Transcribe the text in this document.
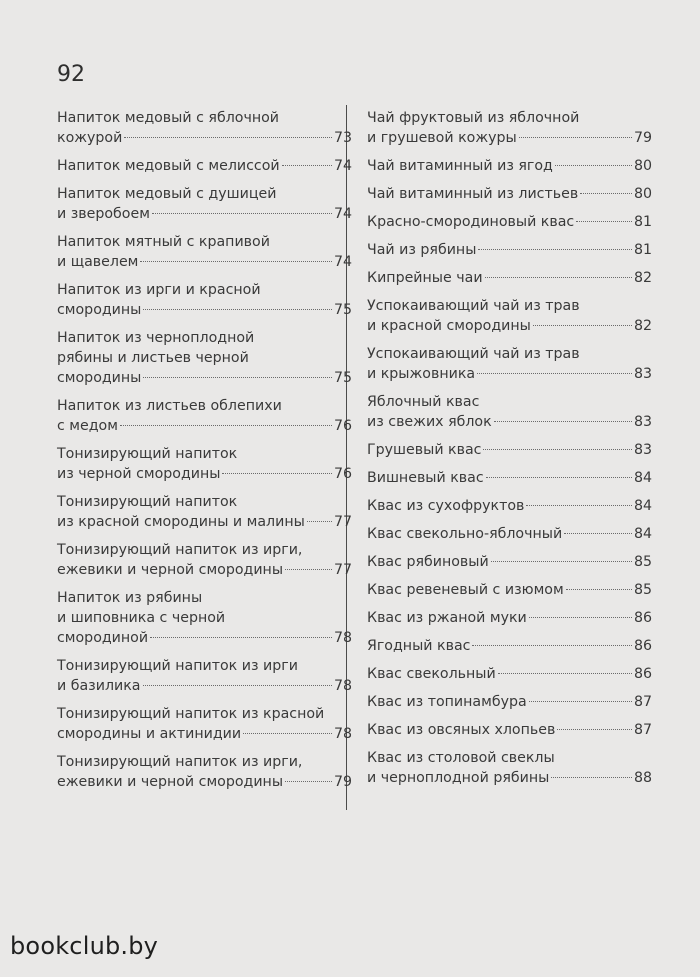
92
Напиток медовый с яблочной
кожурой	73
Напиток медовый с мелиссой	74
Напиток медовый с душицей
и зверобоем	74
Напиток мятный с крапивой
и щавелем	74
Напиток из ирги и красной
смородины	75
Напиток из черноплодной
рябины и листьев черной
смородины	75
Напиток из листьев облепихи
с медом	76
Тонизирующий напиток
из черной смородины	76
Тонизирующий напиток
из красной смородины и малины 77
Тонизирующий напиток из ирги,
ежевики и черной смородины	77
Напиток из рябины
и шиповника с черной
смородиной	78
Тонизирующий напиток из ирги
и базилика	78
Тонизирующий напиток из красной
смородины и актинидии	78
Тонизирующий напиток из ирги,
ежевики и черной смородины	79
Чай фруктовый из яблочной
и грушевой кожуры	79
Чай витаминный из ягод	80
Чай витаминный из листьев	80
Красно-смородиновый квас	81
Чай из рябины	81
Кипрейные чаи	82
Успокаивающий чай из трав
и красной смородины	82
Успокаивающий чай из трав
и крыжовника	83
Яблочный квас
из свежих яблок	83
Грушевый квас	83
Вишневый квас	84
Квас из сухофруктов	84
Квас свекольно-яблочный	84
Квас рябиновый	85
Квас ревеневый с изюмом	85
Квас из ржаной муки	86
Ягодный квас	86
Квас свекольный	86
Квас из топинамбура	87
Квас из овсяных хлопьев	87
Квас из столовой свеклы
и черноплодной рябины	88
bookclub.by
